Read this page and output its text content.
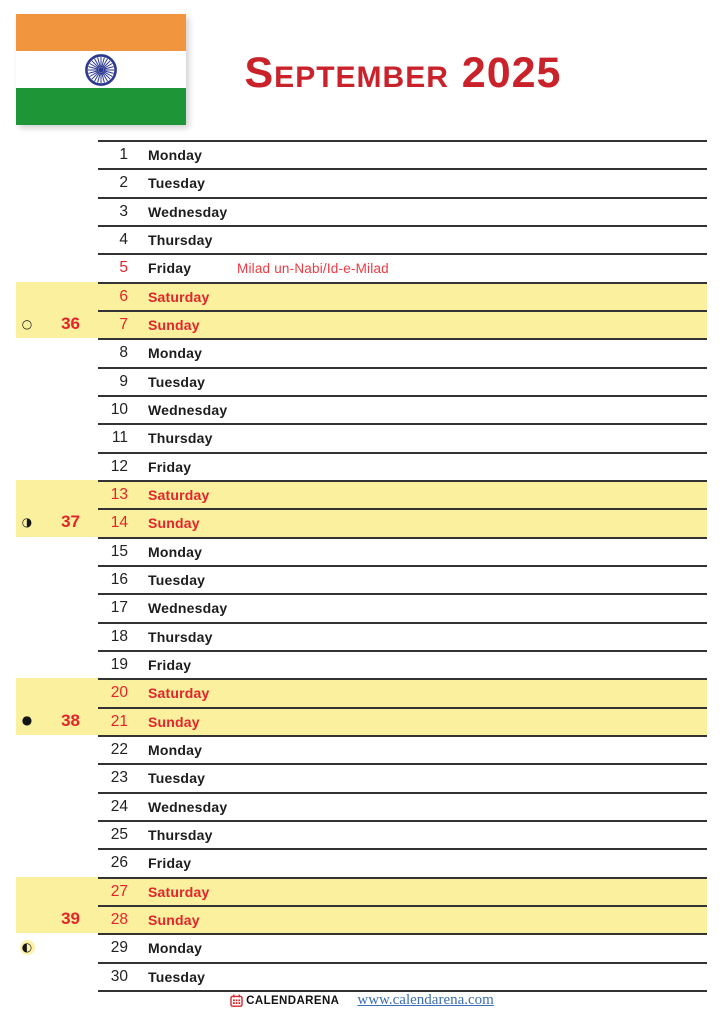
September 2025
1 Monday
2 Tuesday
3 Wednesday
4 Thursday
5 Friday	Milad un-Nabi/Id-e-Milad
6 Saturday
7 Sunday
8 Monday
9 Tuesday
10 Wednesday
11 Thursday
12 Friday
13 Saturday
14 Sunday
15 Monday
16 Tuesday
17 Wednesday
18 Thursday
19 Friday
20 Saturday
21 Sunday
22 Monday
23 Tuesday
24 Wednesday
25 Thursday
26 Friday
27 Saturday
28 Sunday
29 Monday
30 Tuesday
36
○
37
◑
38
●
39
◐
CALENDARENA www.calendarena.com
